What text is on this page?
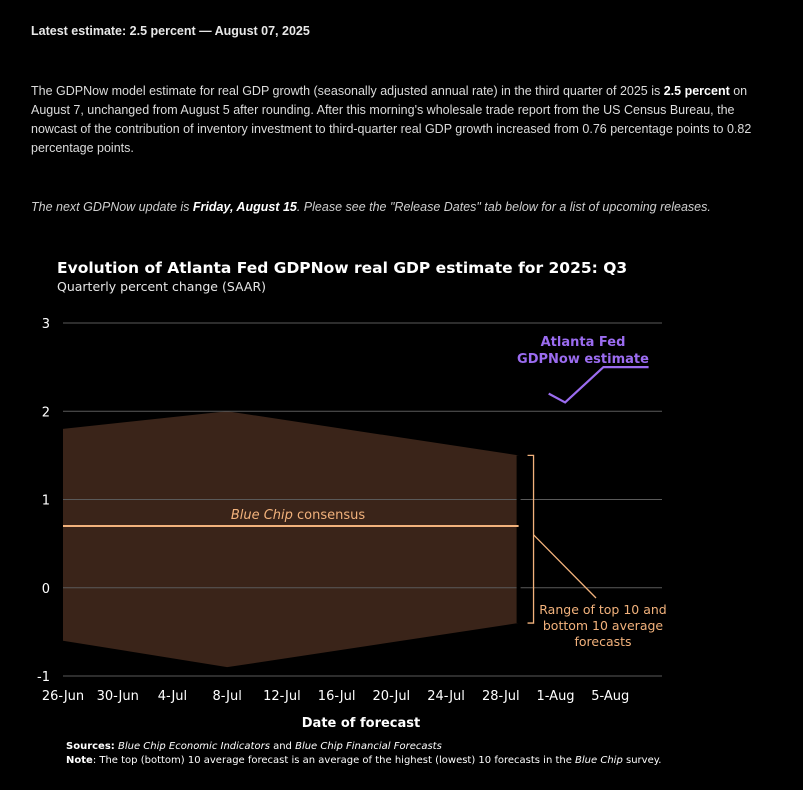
Latest estimate: 2.5 percent — August 07, 2025
The GDPNow model estimate for real GDP growth (seasonally adjusted annual rate) in the third quarter of 2025 is 2.5 percent on August 7, unchanged from August 5 after rounding. After this morning's wholesale trade report from the US Census Bureau, the nowcast of the contribution of inventory investment to third-quarter real GDP growth increased from 0.76 percentage points to 0.82 percentage points.
The next GDPNow update is Friday, August 15. Please see the "Release Dates" tab below for a list of upcoming releases.
Evolution of Atlanta Fed GDPNow real GDP estimate for 2025: Q3
Quarterly percent change (SAAR)
3
2
1
0
-1
26-Jun 30-Jun 4-Jul 8-Jul 12-Jul 16-Jul 20-Jul 24-Jul 28-Jul 1-Aug 5-Aug
Date of forecast
Blue Chip consensus
Range of top 10 and
bottom 10 average
forecasts
Atlanta Fed
GDPNow estimate
Sources: Blue Chip Economic Indicators and Blue Chip Financial Forecasts
Note: The top (bottom) 10 average forecast is an average of the highest (lowest) 10 forecasts in the Blue Chip survey.
